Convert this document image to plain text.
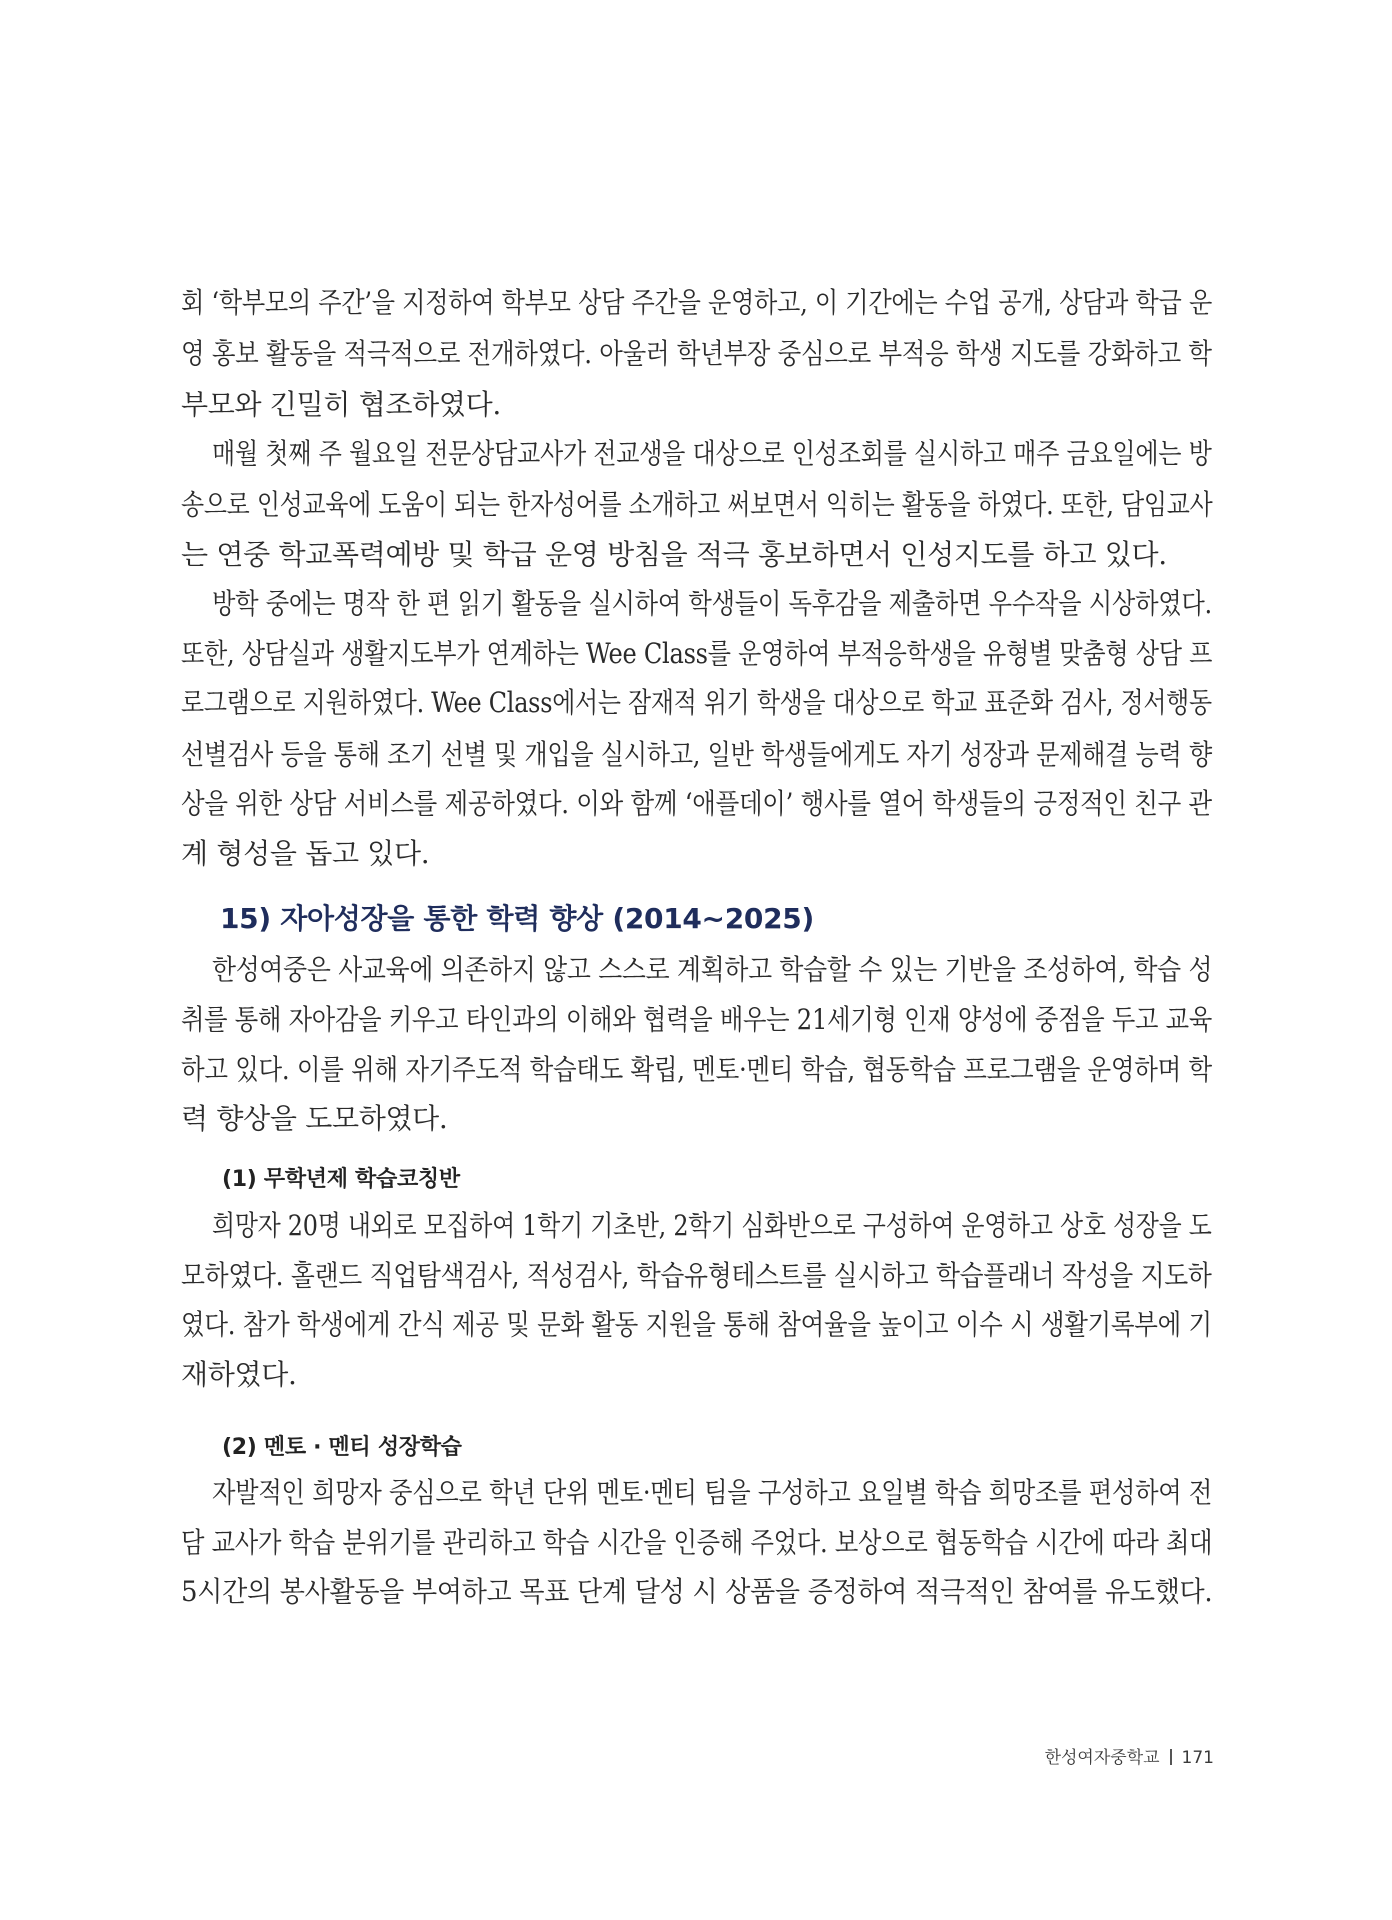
회 ‘학부모의 주간’을 지정하여 학부모 상담 주간을 운영하고, 이 기간에는 수업 공개, 상담과 학급 운
영 홍보 활동을 적극적으로 전개하였다. 아울러 학년부장 중심으로 부적응 학생 지도를 강화하고 학
부모와 긴밀히 협조하였다.
매월 첫째 주 월요일 전문상담교사가 전교생을 대상으로 인성조회를 실시하고 매주 금요일에는 방
송으로 인성교육에 도움이 되는 한자성어를 소개하고 써보면서 익히는 활동을 하였다. 또한, 담임교사
는 연중 학교폭력예방 및 학급 운영 방침을 적극 홍보하면서 인성지도를 하고 있다.
방학 중에는 명작 한 편 읽기 활동을 실시하여 학생들이 독후감을 제출하면 우수작을 시상하였다.
또한, 상담실과 생활지도부가 연계하는 Wee Class를 운영하여 부적응학생을 유형별 맞춤형 상담 프
로그램으로 지원하였다. Wee Class에서는 잠재적 위기 학생을 대상으로 학교 표준화 검사, 정서행동
선별검사 등을 통해 조기 선별 및 개입을 실시하고, 일반 학생들에게도 자기 성장과 문제해결 능력 향
상을 위한 상담 서비스를 제공하였다. 이와 함께 ‘애플데이’ 행사를 열어 학생들의 긍정적인 친구 관
계 형성을 돕고 있다.
15) 자아성장을 통한 학력 향상 (2014~2025)
한성여중은 사교육에 의존하지 않고 스스로 계획하고 학습할 수 있는 기반을 조성하여, 학습 성
취를 통해 자아감을 키우고 타인과의 이해와 협력을 배우는 21세기형 인재 양성에 중점을 두고 교육
하고 있다. 이를 위해 자기주도적 학습태도 확립, 멘토·멘티 학습, 협동학습 프로그램을 운영하며 학
력 향상을 도모하였다.
(1) 무학년제 학습코칭반
희망자 20명 내외로 모집하여 1학기 기초반, 2학기 심화반으로 구성하여 운영하고 상호 성장을 도
모하였다. 홀랜드 직업탐색검사, 적성검사, 학습유형테스트를 실시하고 학습플래너 작성을 지도하
였다. 참가 학생에게 간식 제공 및 문화 활동 지원을 통해 참여율을 높이고 이수 시 생활기록부에 기
재하였다.
(2) 멘토 · 멘티 성장학습
자발적인 희망자 중심으로 학년 단위 멘토·멘티 팀을 구성하고 요일별 학습 희망조를 편성하여 전
담 교사가 학습 분위기를 관리하고 학습 시간을 인증해 주었다. 보상으로 협동학습 시간에 따라 최대
5시간의 봉사활동을 부여하고 목표 단계 달성 시 상품을 증정하여 적극적인 참여를 유도했다.
한성여자중학교 171
